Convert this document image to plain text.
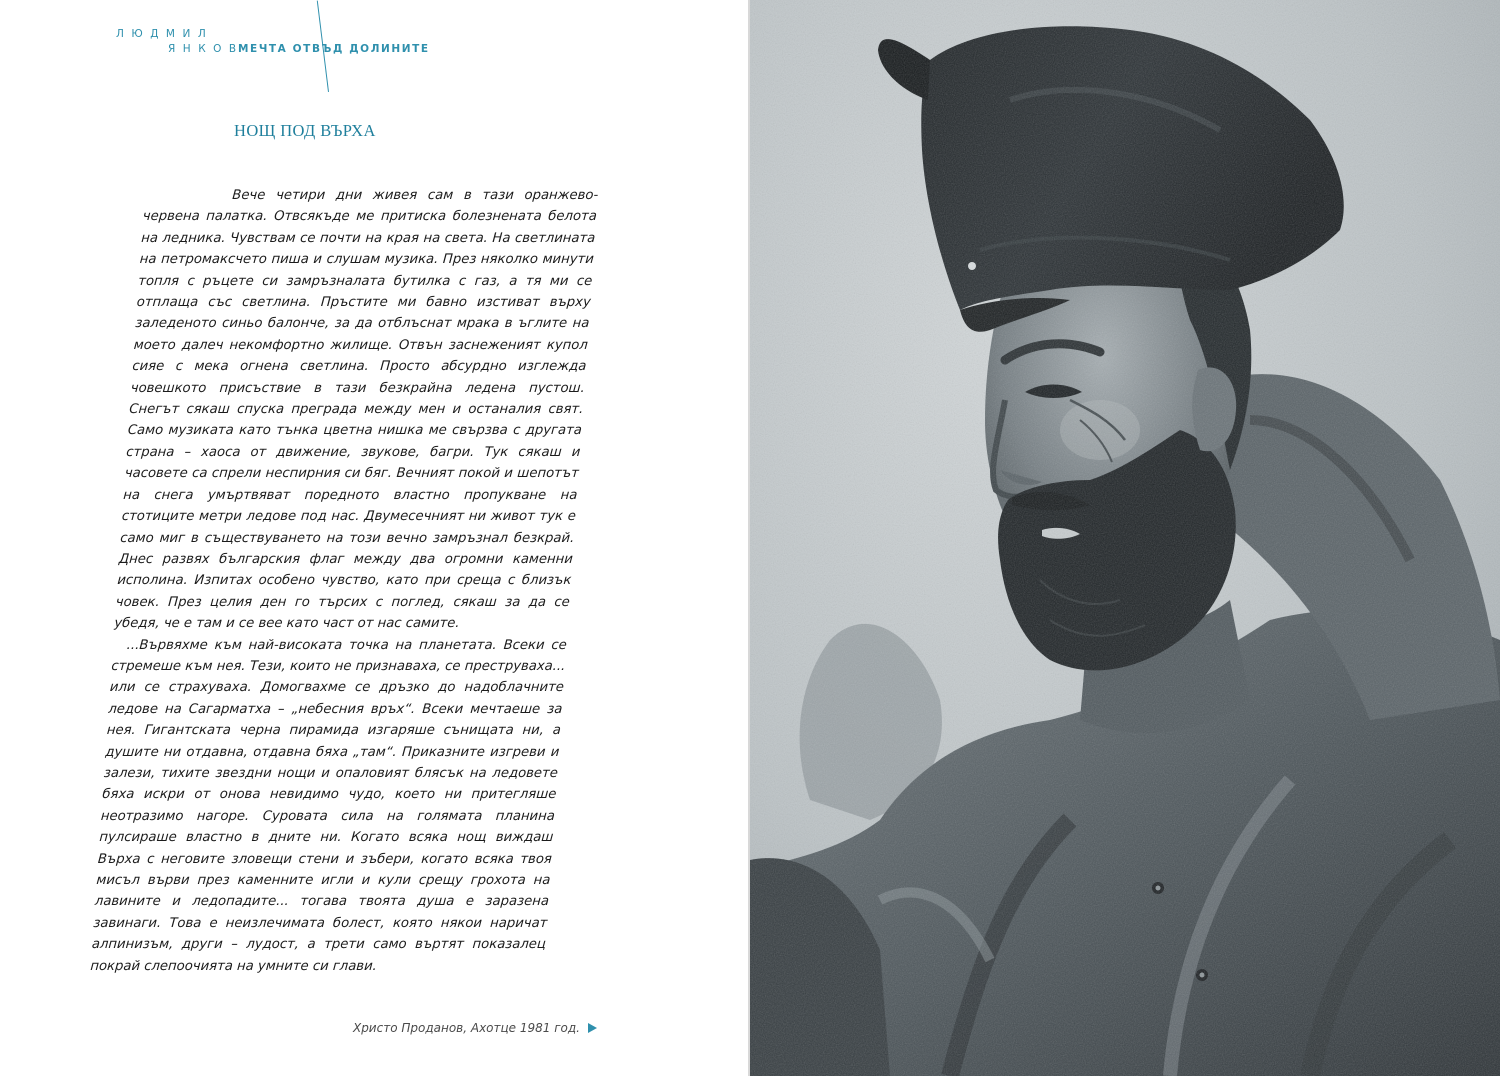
ЛЮДМИЛ
ЯНКОВ
МЕЧТА ОТВЪД ДОЛИНИТЕ
НОЩ ПОД ВЪРХА

Вече четири дни живея сам в тази оранжево-червена палатка. Отвсякъде ме притиска болезнената белота на ледника. Чувствам се почти на края на света. На светлината на петромаксчето пиша и слушам музика. През няколко минути топля с ръцете си замръзналата бутилка с газ, а тя ми се отплаща със светлина. Пръстите ми бавно изстиват върху заледеното синьо балонче, за да отблъснат мрака в ъглите на моето далеч некомфортно жилище. Отвън заснеженият купол сияе с мека огнена светлина. Просто абсурдно изглежда човешкото присъствие в тази безкрайна ледена пустош. Снегът сякаш спуска преграда между мен и останалия свят. Само музиката като тънка цветна нишка ме свързва с другата страна – хаоса от движение, звукове, багри. Тук сякаш и часовете са спрели неспирния си бяг. Вечният покой и шепотът на снега умъртвяват поредното властно пропукване на стотиците метри ледове под нас. Двумесечният ни живот тук е само миг в съществуването на този вечно замръзнал безкрай. Днес развях българския флаг между два огромни каменни исполина. Изпитах особено чувство, като при среща с близък човек. През целия ден го търсих с поглед, сякаш за да се убедя, че е там и се вее като част от нас самите.

...Вървяхме към най-високата точка на планетата. Всеки се стремеше към нея. Тези, които не признаваха, се преструваха... или се страхуваха. Домогвахме се дръзко до надоблачните ледове на Сагарматха – „небесния връх“. Всеки мечтаеше за нея. Гигантската черна пирамида изгаряше сънищата ни, а душите ни отдавна, отдавна бяха „там“. Приказните изгреви и залези, тихите звездни нощи и опаловият блясък на ледовете бяха искри от онова невидимо чудо, което ни притегляше неотразимо нагоре. Суровата сила на голямата планина пулсираше властно в дните ни. Когато всяка нощ виждаш Върха с неговите зловещи стени и зъбери, когато всяка твоя мисъл върви през каменните игли и кули срещу грохота на лавините и ледопадите... тогава твоята душа е заразена завинаги. Това е неизлечимата болест, която някои наричат алпинизъм, други – лудост, а трети само въртят показалец покрай слепоочията на умните си глави.

Христо Проданов, Ахотце 1981 год.
